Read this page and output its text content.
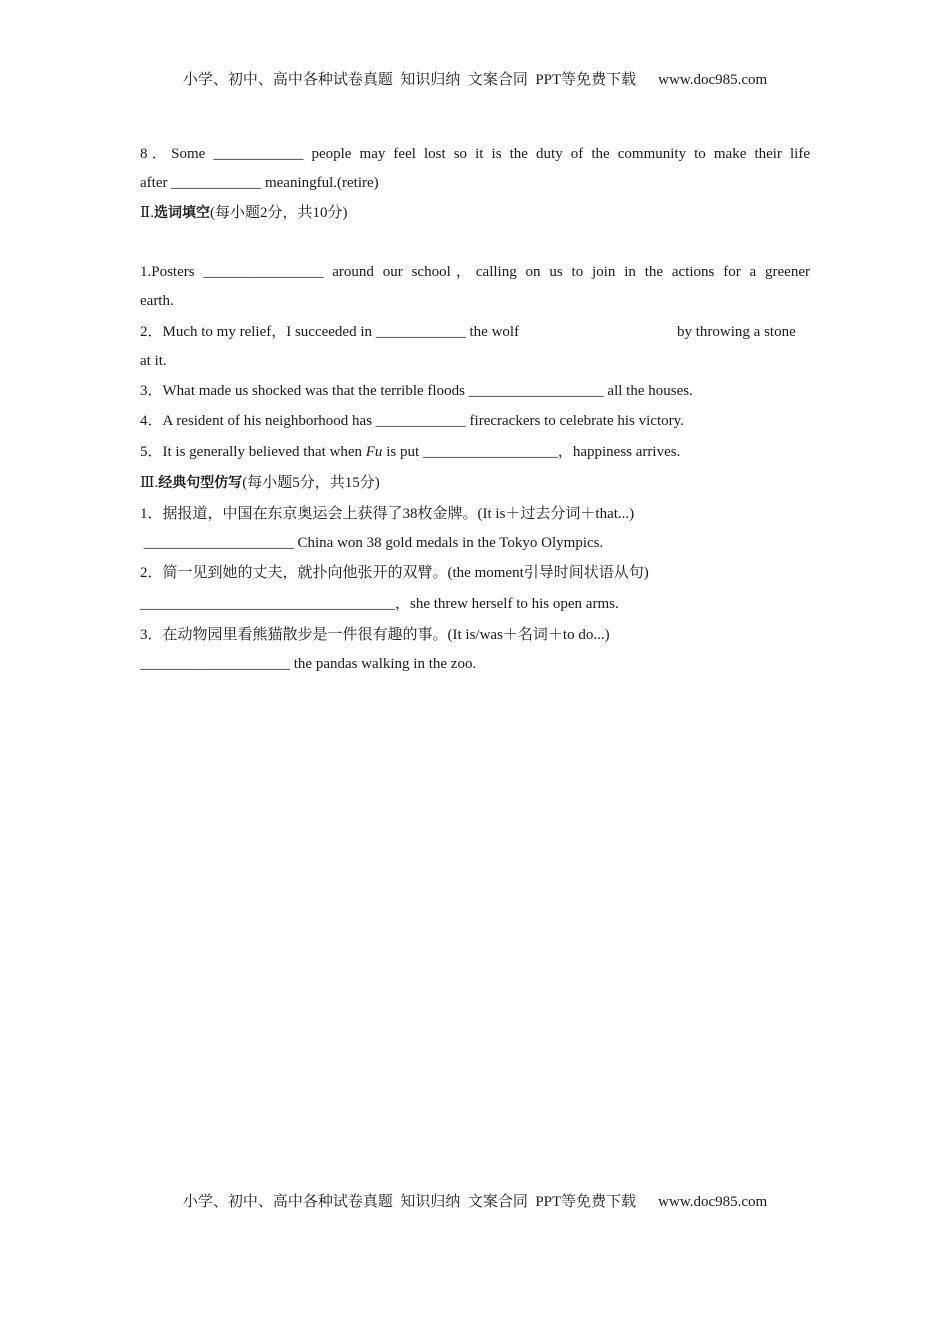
小学、初中、高中各种试卷真题  知识归纳  文案合同  PPT等免费下载 www.doc985.com
8．Some ____________ people may feel lost so it is the duty of the community to make their life
after ____________ meaningful.(retire)
Ⅱ.选词填空(每小题2分，共10分)
1.Posters ________________ around our school，calling on us to join in the actions for a greener
earth.
2．Much to my relief，I succeeded in ____________ the wolf	by throwing a stone
at it.
3．What made us shocked was that the terrible floods __________________ all the houses.
4．A resident of his neighborhood has ____________ firecrackers to celebrate his victory.
5．It is generally believed that when Fu is put __________________，happiness arrives.
Ⅲ.经典句型仿写(每小题5分，共15分)
1．据报道，中国在东京奥运会上获得了38枚金牌。(It is＋过去分词＋that...)
____________________ China won 38 gold medals in the Tokyo Olympics.
2．简一见到她的丈夫，就扑向他张开的双臂。(the moment引导时间状语从句)
__________________________________，she threw herself to his open arms.
3．在动物园里看熊猫散步是一件很有趣的事。(It is/was＋名词＋to do...)
____________________ the pandas walking in the zoo.
小学、初中、高中各种试卷真题  知识归纳  文案合同  PPT等免费下载 www.doc985.com
